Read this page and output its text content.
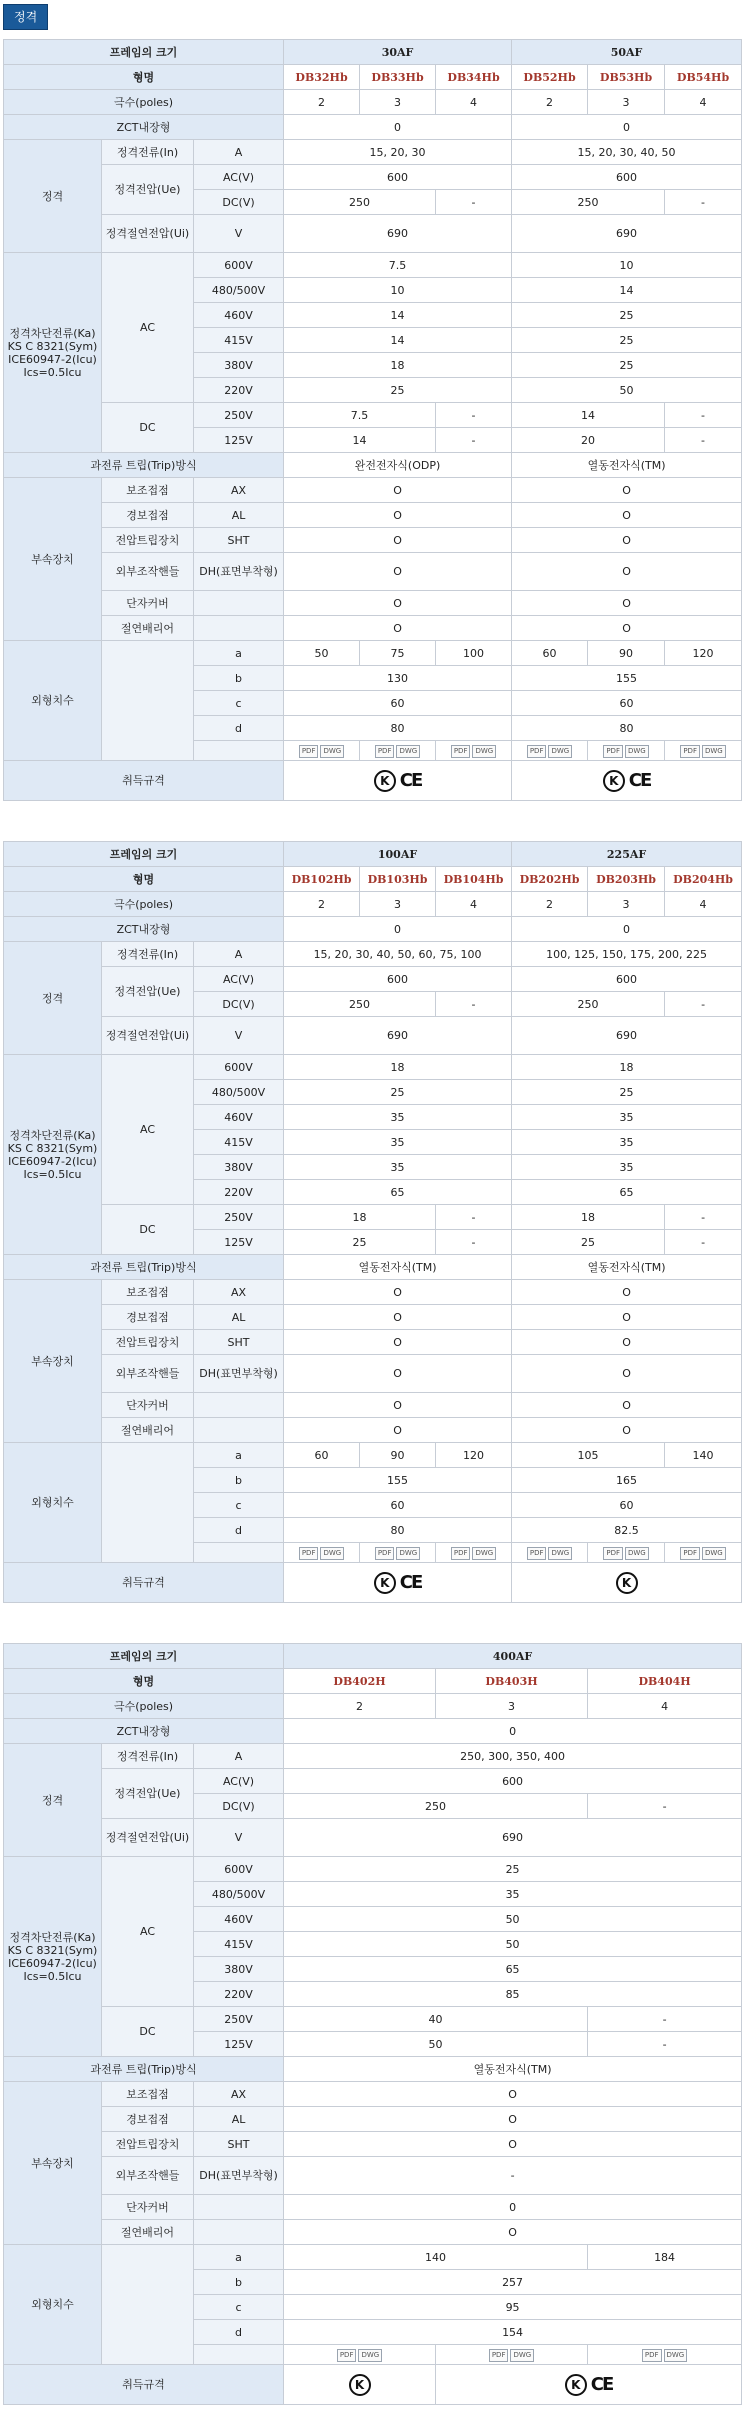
정격
프레임의 크기			30AF			50AF		
형명			DB32Hb	DB33Hb	DB34Hb	DB52Hb	DB53Hb	DB54Hb
극수(poles)			2	3	4	2	3	4
ZCT내장형			0			0		
정격	정격전류(In)	A	15, 20, 30			15, 20, 30, 40, 50		
	정격전압(Ue)	AC(V)	600			600		
		DC(V)	250		-	250		-
	정격절연전압(Ui)	V	690			690		
정격차단전류(Ka)
KS C 8321(Sym)
ICE60947-2(Icu)
Ics=0.5Icu	AC	600V	7.5			10		
		480/500V	10			14		
		460V	14			25		
		415V	14			25		
		380V	18			25		
		220V	25			50		
	DC	250V	7.5		-	14		-
		125V	14		-	20		-
과전류 트립(Trip)방식			완전전자식(ODP)			열동전자식(TM)		
부속장치	보조접점	AX	O			O		
	경보접점	AL	O			O		
	전압트립장치	SHT	O			O		
	외부조작핸들	DH(표면부착형)	O			O		
	단자커버		O			O		
	절연배리어		O			O		
외형치수		a	50	75	100	60	90	120
		b	130			155		
		c	60			60		
		d	80			80		
			PDF DWG	PDF DWG	PDF DWG	PDF DWG	PDF DWG	PDF DWG
취득규격			K CE			K CE		
프레임의 크기			100AF			225AF		
형명			DB102Hb	DB103Hb	DB104Hb	DB202Hb	DB203Hb	DB204Hb
극수(poles)			2	3	4	2	3	4
ZCT내장형			0			0		
정격	정격전류(In)	A	15, 20, 30, 40, 50, 60, 75, 100			100, 125, 150, 175, 200, 225		
	정격전압(Ue)	AC(V)	600			600		
		DC(V)	250		-	250		-
	정격절연전압(Ui)	V	690			690		
정격차단전류(Ka)
KS C 8321(Sym)
ICE60947-2(Icu)
Ics=0.5Icu	AC	600V	18			18		
		480/500V	25			25		
		460V	35			35		
		415V	35			35		
		380V	35			35		
		220V	65			65		
	DC	250V	18		-	18		-
		125V	25		-	25		-
과전류 트립(Trip)방식			열동전자식(TM)			열동전자식(TM)		
부속장치	보조접점	AX	O			O		
	경보접점	AL	O			O		
	전압트립장치	SHT	O			O		
	외부조작핸들	DH(표면부착형)	O			O		
	단자커버		O			O		
	절연배리어		O			O		
외형치수		a	60	90	120	105		140
		b	155			165		
		c	60			60		
		d	80			82.5		
			PDF DWG	PDF DWG	PDF DWG	PDF DWG	PDF DWG	PDF DWG
취득규격			K CE			K		
프레임의 크기			400AF		
형명			DB402H	DB403H	DB404H
극수(poles)			2	3	4
ZCT내장형			0		
정격	정격전류(In)	A	250, 300, 350, 400		
	정격전압(Ue)	AC(V)	600		
		DC(V)	250		-
	정격절연전압(Ui)	V	690		
정격차단전류(Ka)
KS C 8321(Sym)
ICE60947-2(Icu)
Ics=0.5Icu	AC	600V	25		
		480/500V	35		
		460V	50		
		415V	50		
		380V	65		
		220V	85		
	DC	250V	40		-
		125V	50		-
과전류 트립(Trip)방식			열동전자식(TM)		
부속장치	보조접점	AX	O		
	경보접점	AL	O		
	전압트립장치	SHT	O		
	외부조작핸들	DH(표면부착형)	-		
	단자커버		0		
	절연배리어		O		
외형치수		a	140		184
		b	257		
		c	95		
		d	154		
			PDF DWG	PDF DWG	PDF DWG
취득규격			K	K CE	
